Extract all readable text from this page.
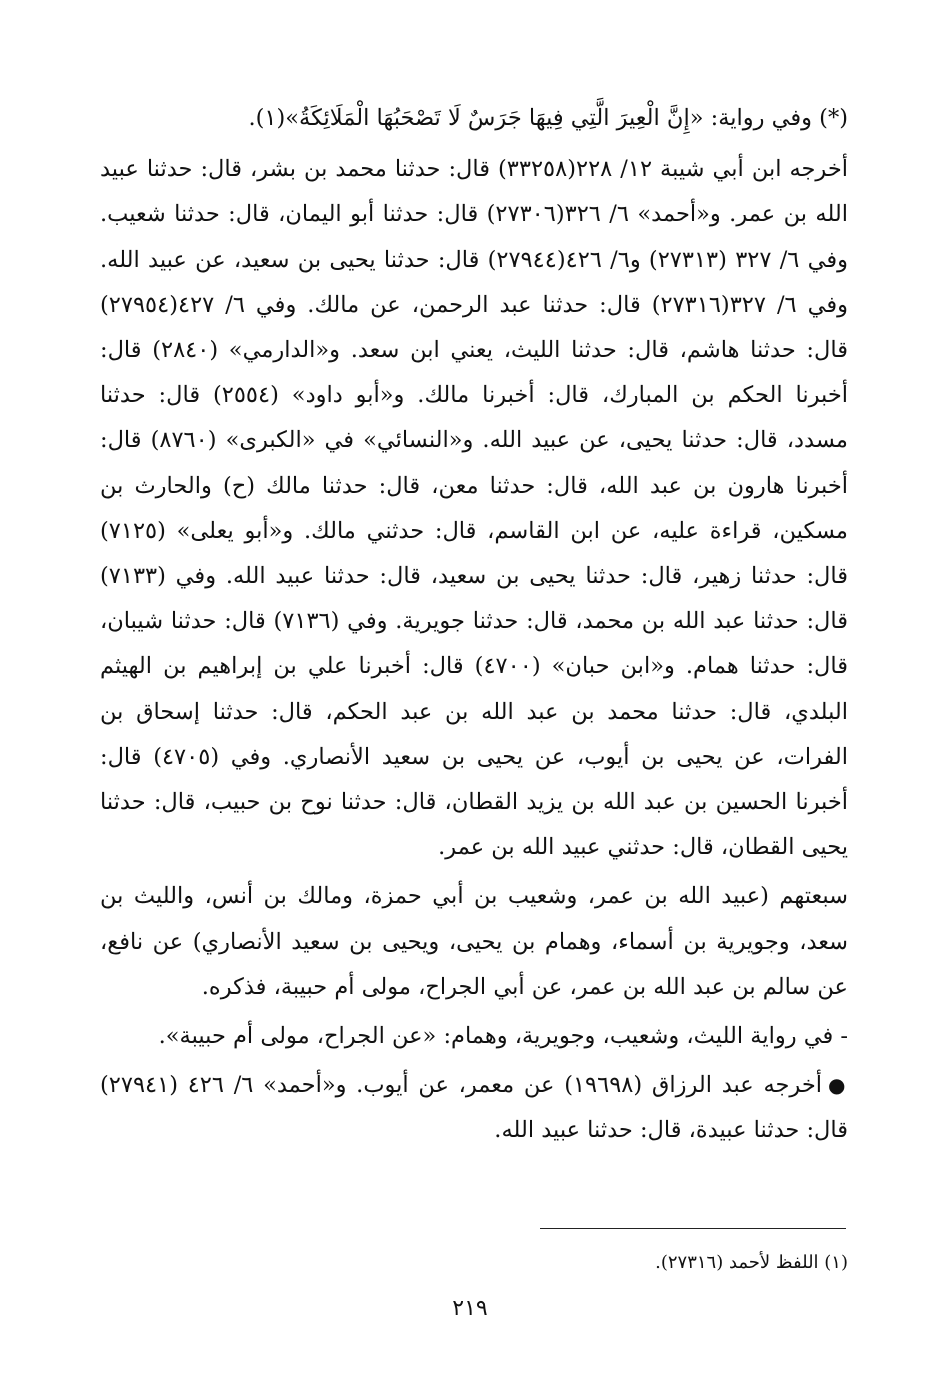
(*) وفي رواية: «إِنَّ الْعِيرَ الَّتِي فِيهَا جَرَسٌ لَا تَصْحَبُهَا الْمَلَائِكَةُ»(١).

أخرجه ابن أبي شيبة ١٢/ ٢٢٨(٣٣٢٥٨) قال: حدثنا محمد بن بشر، قال: حدثنا عبيد الله بن عمر. و«أحمد» ٦/ ٣٢٦(٢٧٣٠٦) قال: حدثنا أبو اليمان، قال: حدثنا شعيب. وفي ٦/ ٣٢٧ (٢٧٣١٣) و٦/ ٤٢٦(٢٧٩٤٤) قال: حدثنا يحيى بن سعيد، عن عبيد الله. وفي ٦/ ٣٢٧(٢٧٣١٦) قال: حدثنا عبد الرحمن، عن مالك. وفي ٦/ ٤٢٧(٢٧٩٥٤) قال: حدثنا هاشم، قال: حدثنا الليث، يعني ابن سعد. و«الدارمي» (٢٨٤٠) قال: أخبرنا الحكم بن المبارك، قال: أخبرنا مالك. و«أبو داود» (٢٥٥٤) قال: حدثنا مسدد، قال: حدثنا يحيى، عن عبيد الله. و«النسائي» في «الكبرى» (٨٧٦٠) قال: أخبرنا هارون بن عبد الله، قال: حدثنا معن، قال: حدثنا مالك (ح) والحارث بن مسكين، قراءة عليه، عن ابن القاسم، قال: حدثني مالك. و«أبو يعلى» (٧١٢٥) قال: حدثنا زهير، قال: حدثنا يحيى بن سعيد، قال: حدثنا عبيد الله. وفي (٧١٣٣) قال: حدثنا عبد الله بن محمد، قال: حدثنا جويرية. وفي (٧١٣٦) قال: حدثنا شيبان، قال: حدثنا همام. و«ابن حبان» (٤٧٠٠) قال: أخبرنا علي بن إبراهيم بن الهيثم البلدي، قال: حدثنا محمد بن عبد الله بن عبد الحكم، قال: حدثنا إسحاق بن الفرات، عن يحيى بن أيوب، عن يحيى بن سعيد الأنصاري. وفي (٤٧٠٥) قال: أخبرنا الحسين بن عبد الله بن يزيد القطان، قال: حدثنا نوح بن حبيب، قال: حدثنا يحيى القطان، قال: حدثني عبيد الله بن عمر.

سبعتهم (عبيد الله بن عمر، وشعيب بن أبي حمزة، ومالك بن أنس، والليث بن سعد، وجويرية بن أسماء، وهمام بن يحيى، ويحيى بن سعيد الأنصاري) عن نافع، عن سالم بن عبد الله بن عمر، عن أبي الجراح، مولى أم حبيبة، فذكره.

- في رواية الليث، وشعيب، وجويرية، وهمام: «عن الجراح، مولى أم حبيبة».

●أخرجه عبد الرزاق (١٩٦٩٨) عن معمر، عن أيوب. و«أحمد» ٦/ ٤٢٦ (٢٧٩٤١) قال: حدثنا عبيدة، قال: حدثنا عبيد الله.

(١) اللفظ لأحمد (٢٧٣١٦).
٢١٩
